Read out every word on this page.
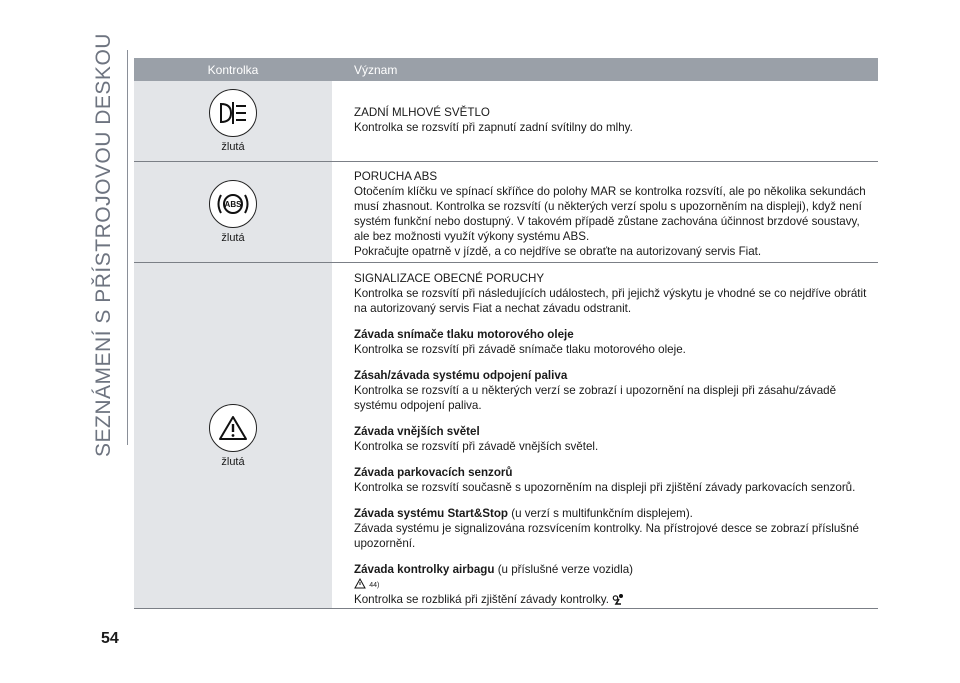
SEZNÁMENÍ S PŘÍSTROJOVOU DESKOU	Kontrolka	Význam
žlutá
ZADNÍ MLHOVÉ SVĚTLO
Kontrolka se rozsvítí při zapnutí zadní svítilny do mlhy.
ABS
žlutá
PORUCHA ABS
Otočením klíčku ve spínací skříňce do polohy MAR se kontrolka rozsvítí, ale po několika sekundách
musí zhasnout. Kontrolka se rozsvítí (u některých verzí spolu s upozorněním na displeji), když není
systém funkční nebo dostupný. V takovém případě zůstane zachována účinnost brzdové soustavy,
ale bez možnosti využít výkony systému ABS.
Pokračujte opatrně v jízdě, a co nejdříve se obraťte na autorizovaný servis Fiat.
žlutá
SIGNALIZACE OBECNÉ PORUCHY
Kontrolka se rozsvítí při následujících událostech, při jejichž výskytu je vhodné se co nejdříve obrátit
na autorizovaný servis Fiat a nechat závadu odstranit.
Závada snímače tlaku motorového oleje
Kontrolka se rozsvítí při závadě snímače tlaku motorového oleje.
Zásah/závada systému odpojení paliva
Kontrolka se rozsvítí a u některých verzí se zobrazí i upozornění na displeji při zásahu/závadě
systému odpojení paliva.
Závada vnějších světel
Kontrolka se rozsvítí při závadě vnějších světel.
Závada parkovacích senzorů
Kontrolka se rozsvítí současně s upozorněním na displeji při zjištění závady parkovacích senzorů.
Závada systému Start&Stop (u verzí s multifunkčním displejem).
Závada systému je signalizována rozsvícením kontrolky. Na přístrojové desce se zobrazí příslušné
upozornění.
Závada kontrolky airbagu (u příslušné verze vozidla)
44)
Kontrolka se rozbliká při zjištění závady kontrolky.
54
